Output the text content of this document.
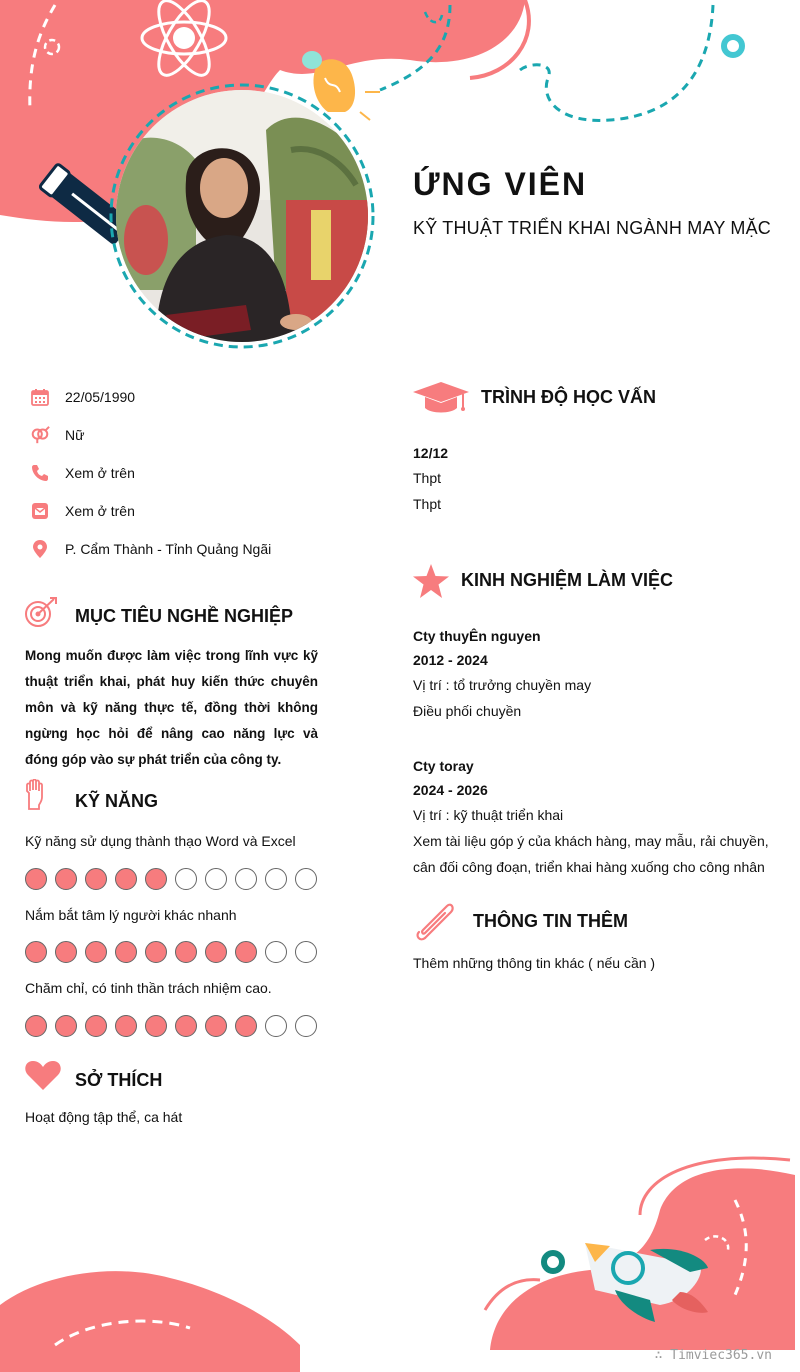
ỨNG VIÊN
KỸ THUẬT TRIỂN KHAI NGÀNH MAY MẶC
22/05/1990
Nữ
Xem ở trên
Xem ở trên
P. Cẩm Thành - Tỉnh Quảng Ngãi
MỤC TIÊU NGHỀ NGHIỆP
Mong muốn được làm việc trong lĩnh vực kỹ thuật triển khai, phát huy kiến thức chuyên môn và kỹ năng thực tế, đồng thời không ngừng học hỏi để nâng cao năng lực và đóng góp vào sự phát triển của công ty.
KỸ NĂNG
Kỹ năng sử dụng thành thạo Word và Excel
Nắm bắt tâm lý người khác nhanh
Chăm chỉ, có tinh thần trách nhiệm cao.
SỞ THÍCH
Hoạt động tập thể, ca hát
TRÌNH ĐỘ HỌC VẤN
12/12
Thpt
Thpt
KINH NGHIỆM LÀM VIỆC
Cty thuyÊn nguyen
2012 - 2024
Vị trí : tổ trưởng chuyền may
Điều phối chuyền
Cty toray
2024 - 2026
Vị trí : kỹ thuật triển khai
Xem tài liệu góp ý của khách hàng, may mẫu, rải chuyền,
cân đối công đoạn, triển khai hàng xuống cho công nhân
THÔNG TIN THÊM
Thêm những thông tin khác ( nếu cần )
∴ Timviec365.vn
